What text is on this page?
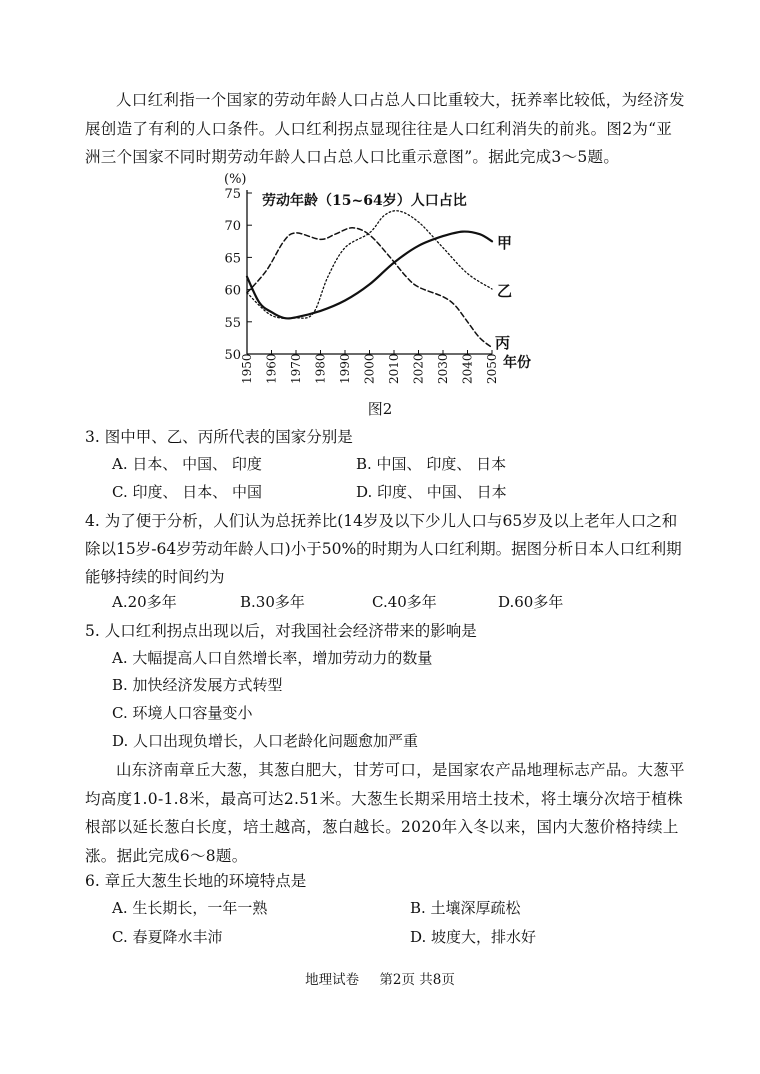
人口红利指一个国家的劳动年龄人口占总人口比重较大，抚养率比较低，为经济发展创造了有利的人口条件。人口红利拐点显现往往是人口红利消失的前兆。图2为“亚洲三个国家不同时期劳动年龄人口占总人口比重示意图”。据此完成3～5题。

50
55
60
65
70
75
1950 1960 1970 1980 1990 2000 2010 2020 2030 2040 2050
劳动年龄（15~64岁）人口占比
(%)
年份
甲
乙
丙
图2
3. 图中甲、乙、丙所代表的国家分别是
A. 日本、 中国、 印度	B. 中国、 印度、 日本
C. 印度、 日本、 中国	D. 印度、 中国、 日本
4. 为了便于分析，人们认为总抚养比(14岁及以下少儿人口与65岁及以上老年人口之和除以15岁-64岁劳动年龄人口)小于50%的时期为人口红利期。据图分析日本人口红利期能够持续的时间约为
A.20多年	B.30多年	C.40多年	D.60多年
5. 人口红利拐点出现以后，对我国社会经济带来的影响是
A. 大幅提高人口自然增长率，增加劳动力的数量
B. 加快经济发展方式转型
C. 环境人口容量变小
D. 人口出现负增长，人口老龄化问题愈加严重

山东济南章丘大葱，其葱白肥大，甘芳可口，是国家农产品地理标志产品。大葱平均高度1.0-1.8米，最高可达2.51米。大葱生长期采用培土技术，将土壤分次培于植株根部以延长葱白长度，培土越高，葱白越长。2020年入冬以来，国内大葱价格持续上涨。据此完成6～8题。

6. 章丘大葱生长地的环境特点是
A. 生长期长，一年一熟	B. 土壤深厚疏松
C. 春夏降水丰沛	D. 坡度大，排水好
地理试卷 第2页 共8页
